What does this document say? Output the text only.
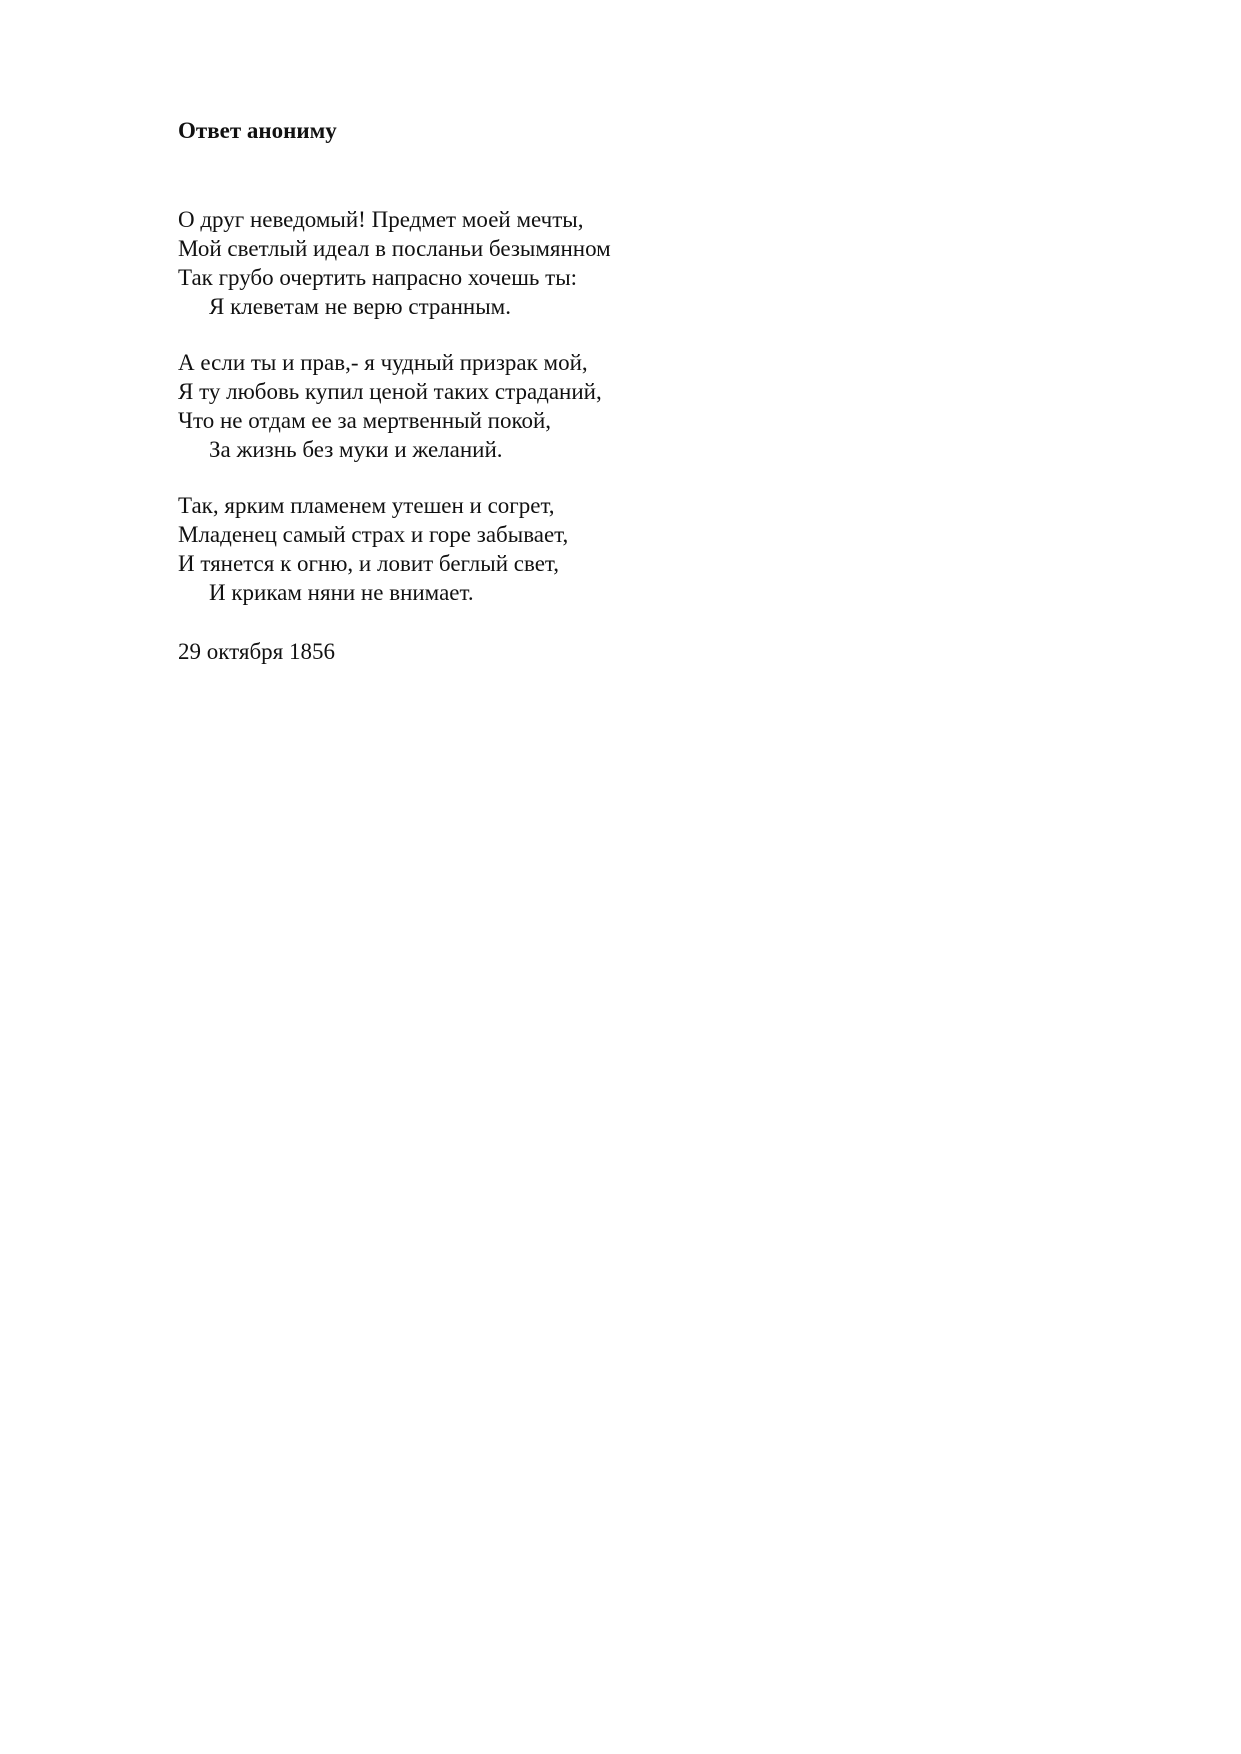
Ответ анониму
О друг неведомый! Предмет моей мечты,
Мой светлый идеал в посланьи безымянном
Так грубо очертить напрасно хочешь ты:
Я клеветам не верю странным.
А если ты и прав,- я чудный призрак мой,
Я ту любовь купил ценой таких страданий,
Что не отдам ее за мертвенный покой,
За жизнь без муки и желаний.
Так, ярким пламенем утешен и согрет,
Младенец самый страх и горе забывает,
И тянется к огню, и ловит беглый свет,
И крикам няни не внимает.

29 октября 1856
